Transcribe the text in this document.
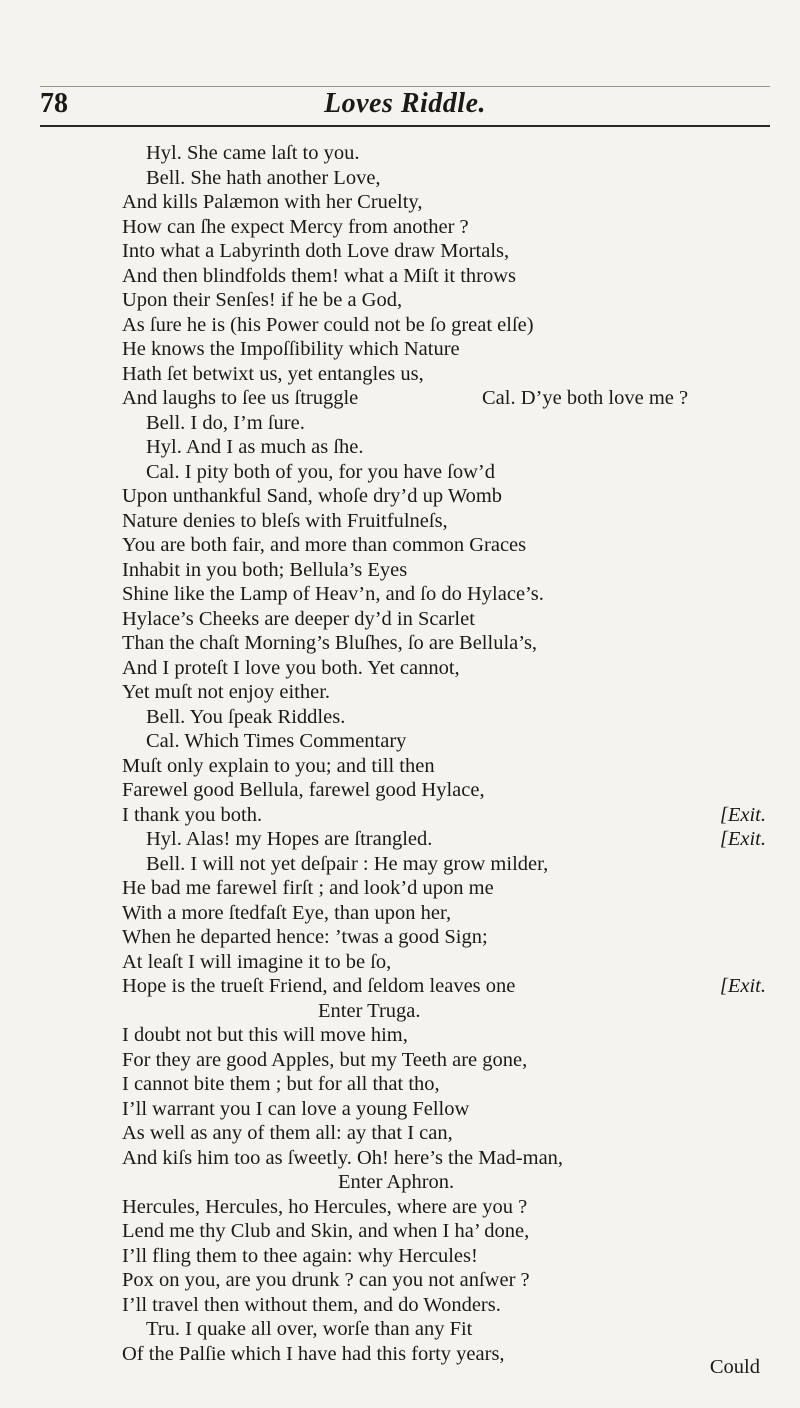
78	Loves Riddle.
Hyl. She came laſt to you.
Bell. She hath another Love,
And kills Palæmon with her Cruelty,
How can ſhe expect Mercy from another ?
Into what a Labyrinth doth Love draw Mortals,
And then blindfolds them! what a Miſt it throws
Upon their Senſes! if he be a God,
As ſure he is (his Power could not be ſo great elſe)
He knows the Impoſſibility which Nature
Hath ſet betwixt us, yet entangles us,
And laughs to ſee us ſtruggle	Cal. D’ye both love me ?
Bell. I do, I’m ſure.
Hyl. And I as much as ſhe.
Cal. I pity both of you, for you have ſow’d
Upon unthankful Sand, whoſe dry’d up Womb
Nature denies to bleſs with Fruitfulneſs,
You are both fair, and more than common Graces
Inhabit in you both; Bellula’s Eyes
Shine like the Lamp of Heav’n, and ſo do Hylace’s.
Hylace’s Cheeks are deeper dy’d in Scarlet
Than the chaſt Morning’s Bluſhes, ſo are Bellula’s,
And I proteſt I love you both. Yet cannot,
Yet muſt not enjoy either.
Bell. You ſpeak Riddles.
Cal. Which Times Commentary
Muſt only explain to you; and till then
Farewel good Bellula, farewel good Hylace,
I thank you both.	[Exit.
Hyl. Alas! my Hopes are ſtrangled.	[Exit.
Bell. I will not yet deſpair : He may grow milder,
He bad me farewel firſt ; and look’d upon me
With a more ſtedfaſt Eye, than upon her,
When he departed hence: ’twas a good Sign;
At leaſt I will imagine it to be ſo,
Hope is the trueſt Friend, and ſeldom leaves one	[Exit.
Enter Truga.
I doubt not but this will move him,
For they are good Apples, but my Teeth are gone,
I cannot bite them ; but for all that tho,
I’ll warrant you I can love a young Fellow
As well as any of them all: ay that I can,
And kiſs him too as ſweetly. Oh! here’s the Mad-man,
Enter Aphron.
Hercules, Hercules, ho Hercules, where are you ?
Lend me thy Club and Skin, and when I ha’ done,
I’ll fling them to thee again: why Hercules!
Pox on you, are you drunk ? can you not anſwer ?
I’ll travel then without them, and do Wonders.
Tru. I quake all over, worſe than any Fit
Of the Palſie which I have had this forty years,
Could
